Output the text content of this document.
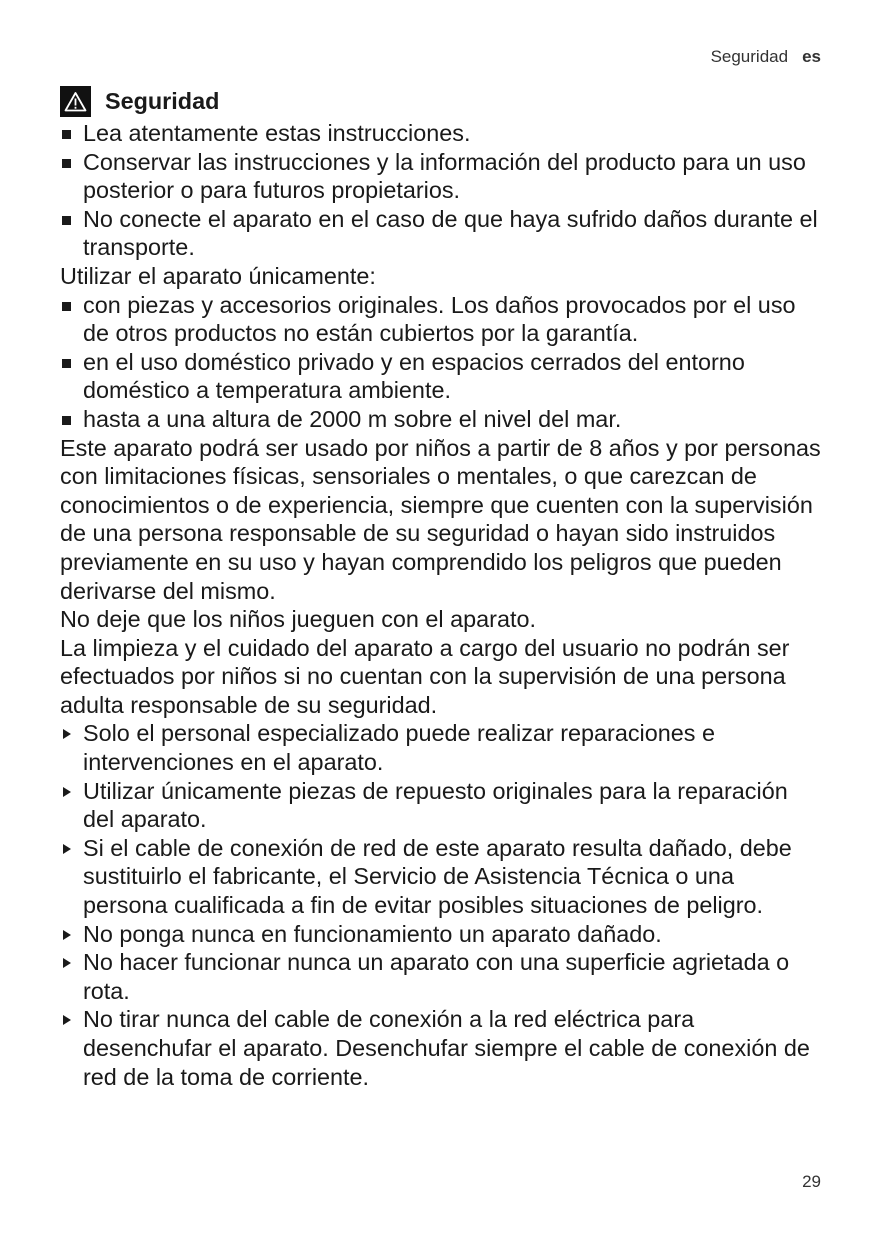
Seguridad es
Seguridad
Lea atentamente estas instrucciones.
Conservar las instrucciones y la información del producto para un uso posterior o para futuros propietarios.
No conecte el aparato en el caso de que haya sufrido daños durante el transporte.

Utilizar el aparato únicamente:

con piezas y accesorios originales. Los daños provocados por el uso de otros productos no están cubiertos por la garantía.
en el uso doméstico privado y en espacios cerrados del entorno doméstico a temperatura ambiente.
hasta a una altura de 2000 m sobre el nivel del mar.

Este aparato podrá ser usado por niños a partir de 8 años y por personas con limitaciones físicas, sensoriales o mentales, o que carezcan de conocimientos o de experiencia, siempre que cuenten con la supervisión de una persona responsable de su seguridad o hayan sido instruidos previamente en su uso y hayan comprendido los peligros que pueden derivarse del mismo.

No deje que los niños jueguen con el aparato.

La limpieza y el cuidado del aparato a cargo del usuario no podrán ser efectuados por niños si no cuentan con la supervisión de una persona adulta responsable de su seguridad.

Solo el personal especializado puede realizar reparaciones e intervenciones en el aparato.
Utilizar únicamente piezas de repuesto originales para la reparación del aparato.
Si el cable de conexión de red de este aparato resulta dañado, debe sustituirlo el fabricante, el Servicio de Asistencia Técnica o una persona cualificada a fin de evitar posibles situaciones de peligro.
No ponga nunca en funcionamiento un aparato dañado.
No hacer funcionar nunca un aparato con una superficie agrietada o rota.
No tirar nunca del cable de conexión a la red eléctrica para desenchufar el aparato. Desenchufar siempre el cable de conexión de red de la toma de corriente.
29
